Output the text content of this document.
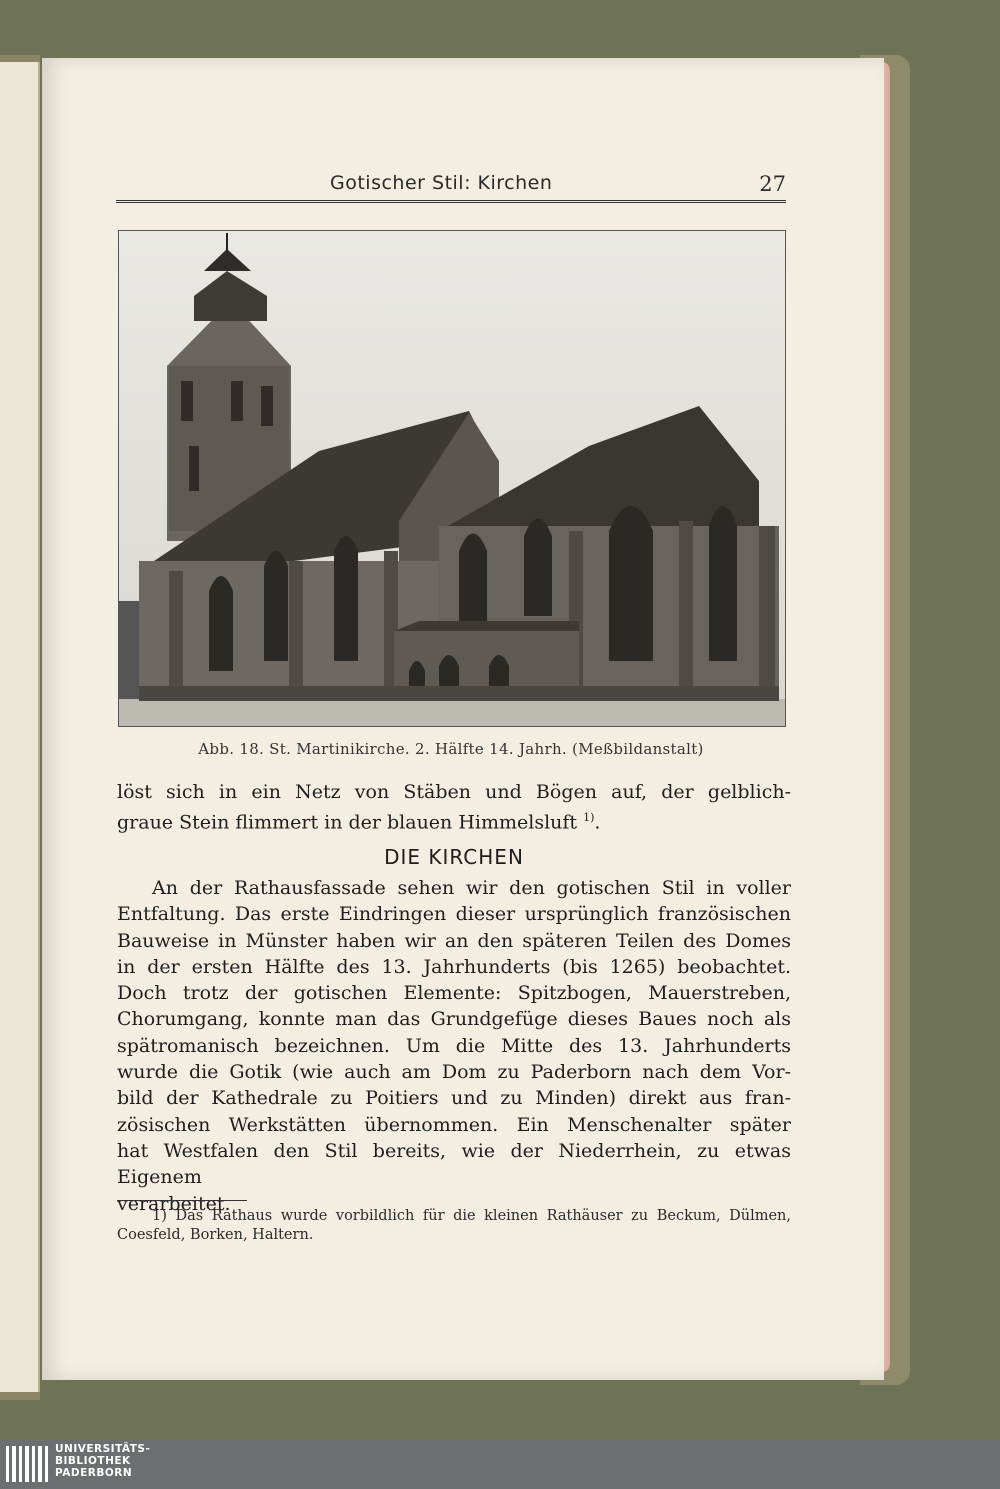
Gotischer Stil: Kirchen	27
Abb. 18. St. Martinikirche. 2. Hälfte 14. Jahrh. (Meßbildanstalt)

löst sich in ein Netz von Stäben und Bögen auf, der gelblich-

graue Stein flimmert in der blauen Himmelsluft $^{1)}$.

DIE KIRCHEN

An der Rathausfassade sehen wir den gotischen Stil in voller

Entfaltung. Das erste Eindringen dieser ursprünglich französischen

Bauweise in Münster haben wir an den späteren Teilen des Domes

in der ersten Hälfte des 13. Jahrhunderts (bis 1265) beobachtet.

Doch trotz der gotischen Elemente: Spitzbogen, Mauerstreben,

Chorumgang, konnte man das Grundgefüge dieses Baues noch als

spätromanisch bezeichnen. Um die Mitte des 13. Jahrhunderts

wurde die Gotik (wie auch am Dom zu Paderborn nach dem Vor-

bild der Kathedrale zu Poitiers und zu Minden) direkt aus fran-

zösischen Werkstätten übernommen. Ein Menschenalter später

hat Westfalen den Stil bereits, wie der Niederrhein, zu etwas Eigenem

verarbeitet.

1) Das Rathaus wurde vorbildlich für die kleinen Rathäuser zu Beckum, Dülmen,

Coesfeld, Borken, Haltern.

UNIVERSITÄTS-
BIBLIOTHEK
PADERBORN
